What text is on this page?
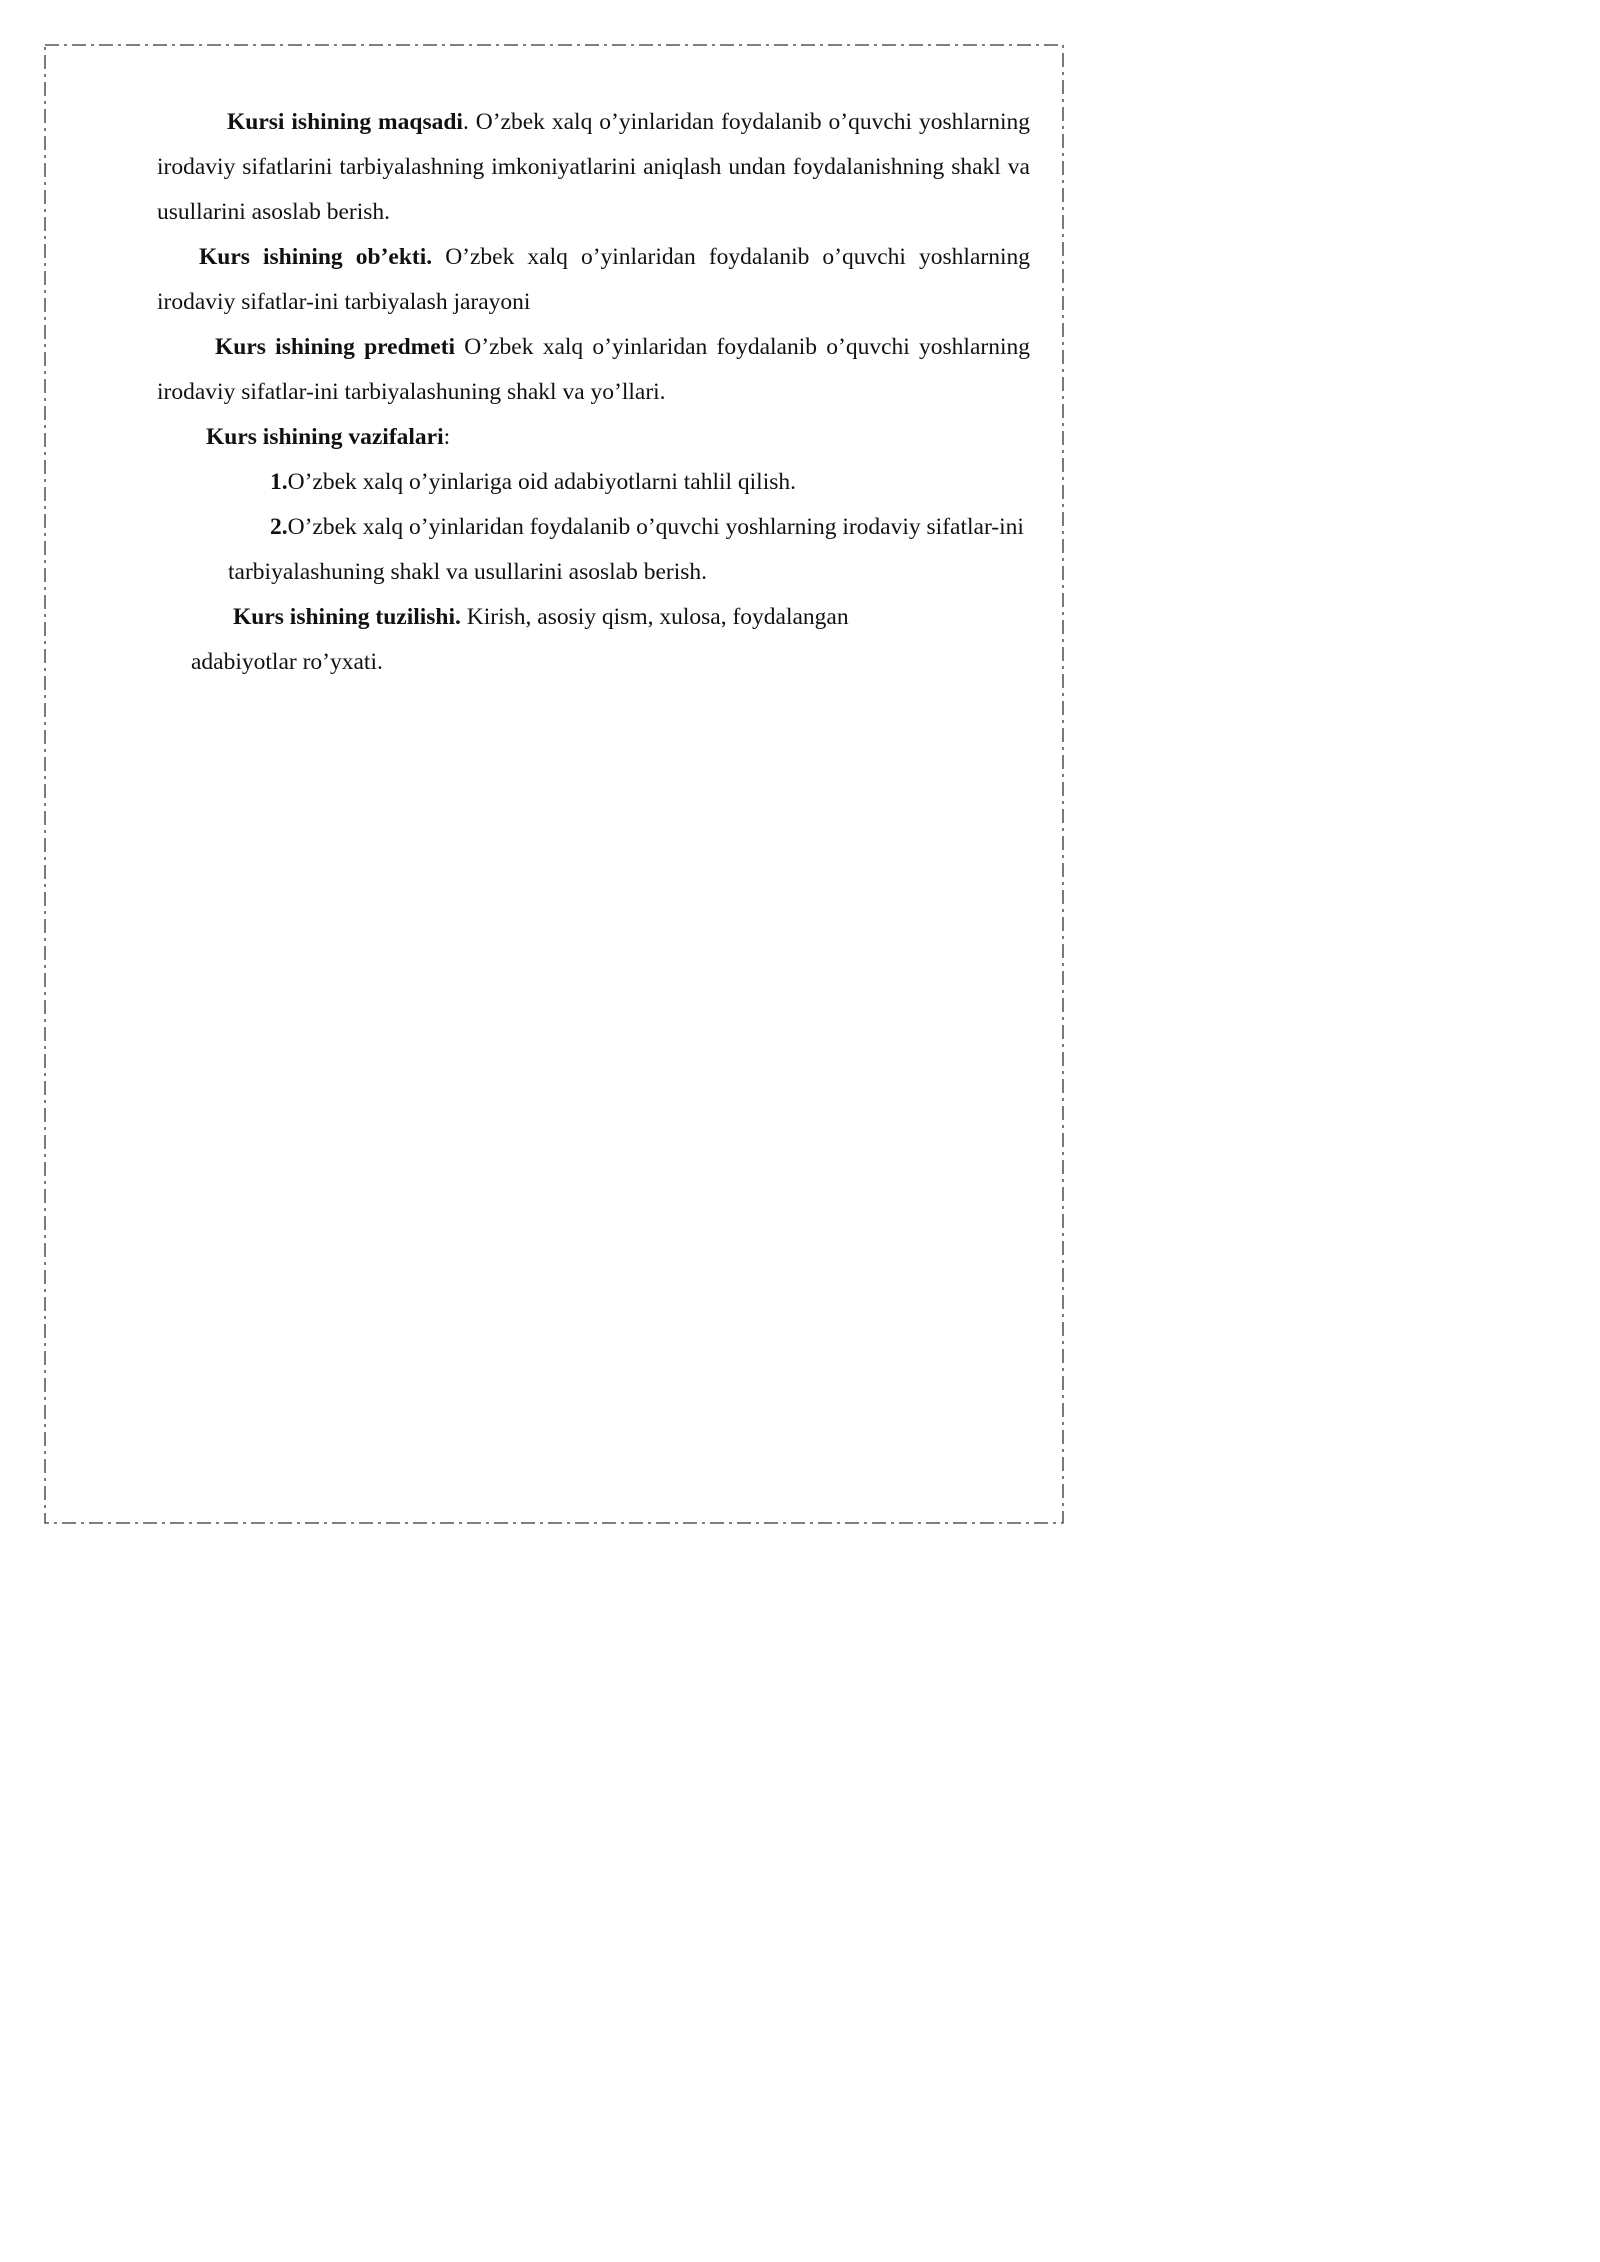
Kursi ishining maqsadi. O’zbek xalq o’yinlaridan foydalanib o’quvchi yoshlarning irodaviy sifatlarini tarbiyalashning imkoniyatlarini aniqlash undan foydalanishning shakl va usullarini asoslab berish.

Kurs ishining ob’ekti. O’zbek xalq o’yinlaridan foydalanib o’quvchi yoshlarning irodaviy sifatlar-ini tarbiyalash jarayoni

Kurs ishining predmeti O’zbek xalq o’yinlaridan foydalanib o’quvchi yoshlarning irodaviy sifatlar-ini tarbiyalashuning shakl va yo’llari.

Kurs ishining vazifalari:

1.O’zbek xalq o’yinlariga oid adabiyotlarni tahlil qilish.

2.O’zbek xalq o’yinlaridan foydalanib o’quvchi yoshlarning irodaviy sifatlar-ini tarbiyalashuning shakl va usullarini asoslab berish.

Kurs ishining tuzilishi. Kirish, asosiy qism, xulosa, foydalangan adabiyotlar ro’yxati.
